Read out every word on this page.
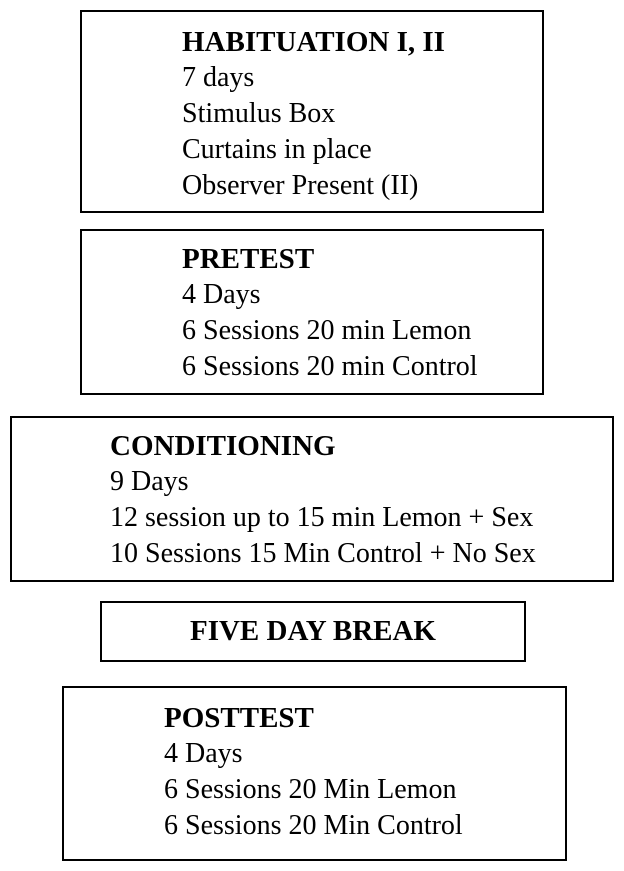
HABITUATION I, II
7 days
Stimulus Box
Curtains in place
Observer Present (II)
PRETEST
4 Days
6 Sessions 20 min Lemon
6 Sessions 20 min Control
CONDITIONING
9 Days
12 session up to 15 min Lemon + Sex
10 Sessions 15 Min Control + No Sex
FIVE DAY BREAK
POSTTEST
4 Days
6 Sessions 20 Min Lemon
6 Sessions 20 Min Control
